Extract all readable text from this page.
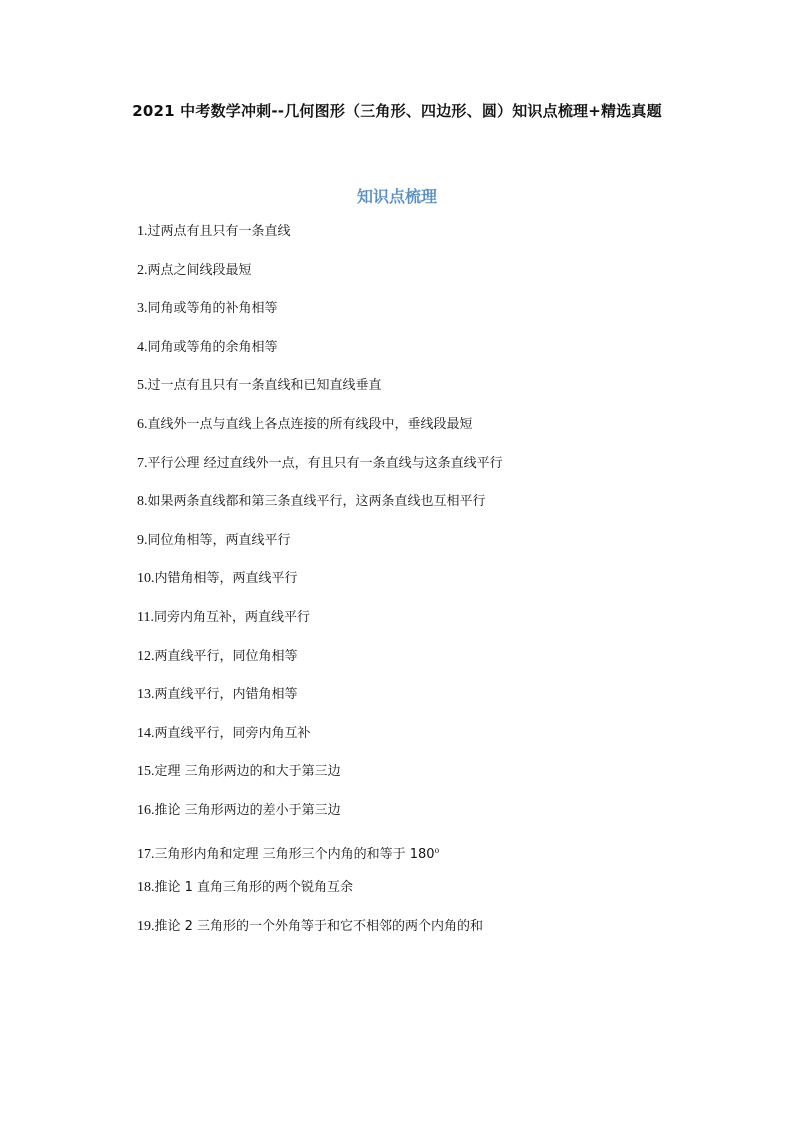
2021 中考数学冲刺--几何图形（三角形、四边形、圆）知识点梳理+精选真题
知识点梳理
1.过两点有且只有一条直线
2.两点之间线段最短
3.同角或等角的补角相等
4.同角或等角的余角相等
5.过一点有且只有一条直线和已知直线垂直
6.直线外一点与直线上各点连接的所有线段中，垂线段最短
7.平行公理 经过直线外一点，有且只有一条直线与这条直线平行
8.如果两条直线都和第三条直线平行，这两条直线也互相平行
9.同位角相等，两直线平行
10.内错角相等，两直线平行
11.同旁内角互补，两直线平行
12.两直线平行，同位角相等
13.两直线平行，内错角相等
14.两直线平行，同旁内角互补
15.定理 三角形两边的和大于第三边
16.推论 三角形两边的差小于第三边
17.三角形内角和定理 三角形三个内角的和等于 180$^o$
18.推论 1 直角三角形的两个锐角互余
19.推论 2 三角形的一个外角等于和它不相邻的两个内角的和
